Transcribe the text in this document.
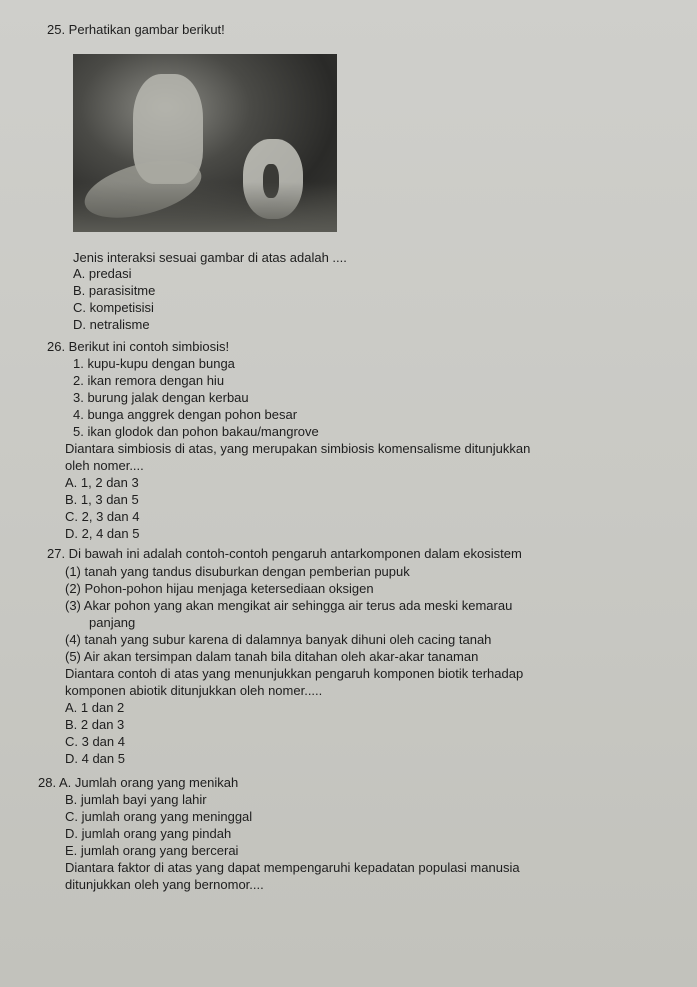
25. Perhatikan gambar berikut!
Jenis interaksi sesuai gambar di atas adalah ....
A. predasi
B. parasisitme
C. kompetisisi
D. netralisme
26. Berikut ini contoh simbiosis!
1. kupu-kupu dengan bunga
2. ikan remora dengan hiu
3. burung jalak dengan kerbau
4. bunga anggrek dengan pohon besar
5. ikan glodok dan pohon bakau/mangrove
Diantara simbiosis di atas, yang merupakan simbiosis komensalisme ditunjukkan
oleh nomer....
A. 1, 2 dan 3
B. 1, 3 dan 5
C. 2, 3 dan 4
D. 2, 4 dan 5
27. Di bawah ini adalah contoh-contoh pengaruh antarkomponen dalam ekosistem
(1) tanah yang tandus disuburkan dengan pemberian pupuk
(2) Pohon-pohon hijau menjaga ketersediaan oksigen
(3) Akar pohon yang akan mengikat air sehingga air terus ada meski kemarau
panjang
(4) tanah yang subur karena di dalamnya banyak dihuni oleh cacing tanah
(5) Air akan tersimpan dalam tanah bila ditahan oleh akar-akar tanaman
Diantara contoh di atas yang menunjukkan pengaruh komponen biotik terhadap
komponen abiotik ditunjukkan oleh nomer.....
A. 1 dan 2
B. 2 dan 3
C. 3 dan 4
D. 4 dan 5
28. A. Jumlah orang yang menikah
B. jumlah bayi yang lahir
C. jumlah orang yang meninggal
D. jumlah orang yang pindah
E. jumlah orang yang bercerai
Diantara faktor di atas yang dapat mempengaruhi kepadatan populasi manusia
ditunjukkan oleh yang bernomor....
